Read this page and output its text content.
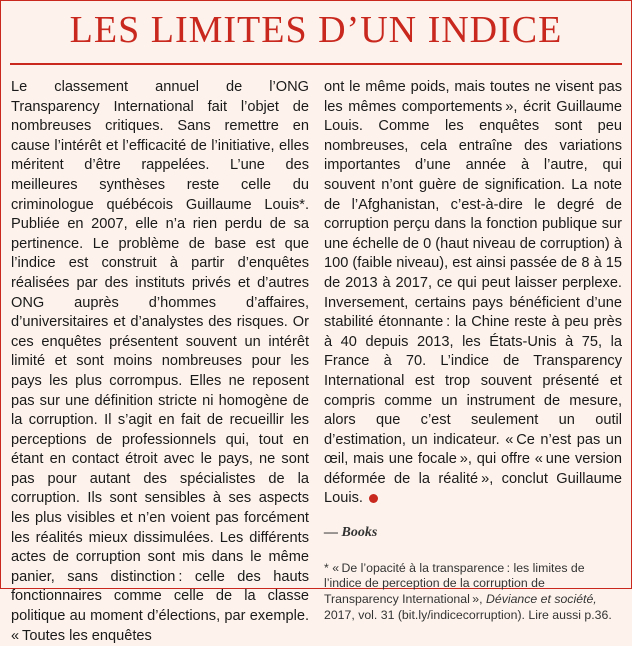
LES LIMITES D’UN INDICE

Le classement annuel de l’ONG Transparency International fait l’objet de nombreuses critiques. Sans remettre en cause l’intérêt et l’efficacité de l’initiative, elles méritent d’être rappelées. L’une des meilleures synthèses reste celle du criminologue québécois Guillaume Louis*. Publiée en 2007, elle n’a rien perdu de sa pertinence. Le problème de base est que l’indice est construit à partir d’enquêtes réalisées par des instituts privés et d’autres ONG auprès d’hommes d’affaires, d’universitaires et d’analystes des risques. Or ces enquêtes présentent souvent un intérêt limité et sont moins nombreuses pour les pays les plus corrompus. Elles ne reposent pas sur une définition stricte ni homogène de la corruption. Il s’agit en fait de recueillir les perceptions de professionnels qui, tout en étant en contact étroit avec le pays, ne sont pas pour autant des spécialistes de la corruption. Ils sont sensibles à ses aspects les plus visibles et n’en voient pas forcément les réalités mieux dissimulées. Les différents actes de corruption sont mis dans le même panier, sans distinction : celle des hauts fonctionnaires comme celle de la classe politique au moment d’élections, par exemple. « Toutes les enquêtes

ont le même poids, mais toutes ne visent pas les mêmes comportements », écrit Guillaume Louis. Comme les enquêtes sont peu nombreuses, cela entraîne des variations importantes d’une année à l’autre, qui souvent n’ont guère de signification. La note de l’Afghanistan, c’est-à-dire le degré de corruption perçu dans la fonction publique sur une échelle de 0 (haut niveau de corruption) à 100 (faible niveau), est ainsi passée de 8 à 15 de 2013 à 2017, ce qui peut laisser perplexe. Inversement, certains pays bénéficient d’une stabilité étonnante : la Chine reste à peu près à 40 depuis 2013, les États-Unis à 75, la France à 70. L’indice de Transparency International est trop souvent présenté et compris comme un instrument de mesure, alors que c’est seulement un outil d’estimation, un indicateur. « Ce n’est pas un œil, mais une focale », qui offre « une version déformée de la réalité », conclut Guillaume Louis.

— Books
* « De l’opacité à la transparence : les limites de l’indice de perception de la corruption de Transparency International », Déviance et société, 2017, vol. 31 (bit.ly/indicecorruption). Lire aussi p.36.
